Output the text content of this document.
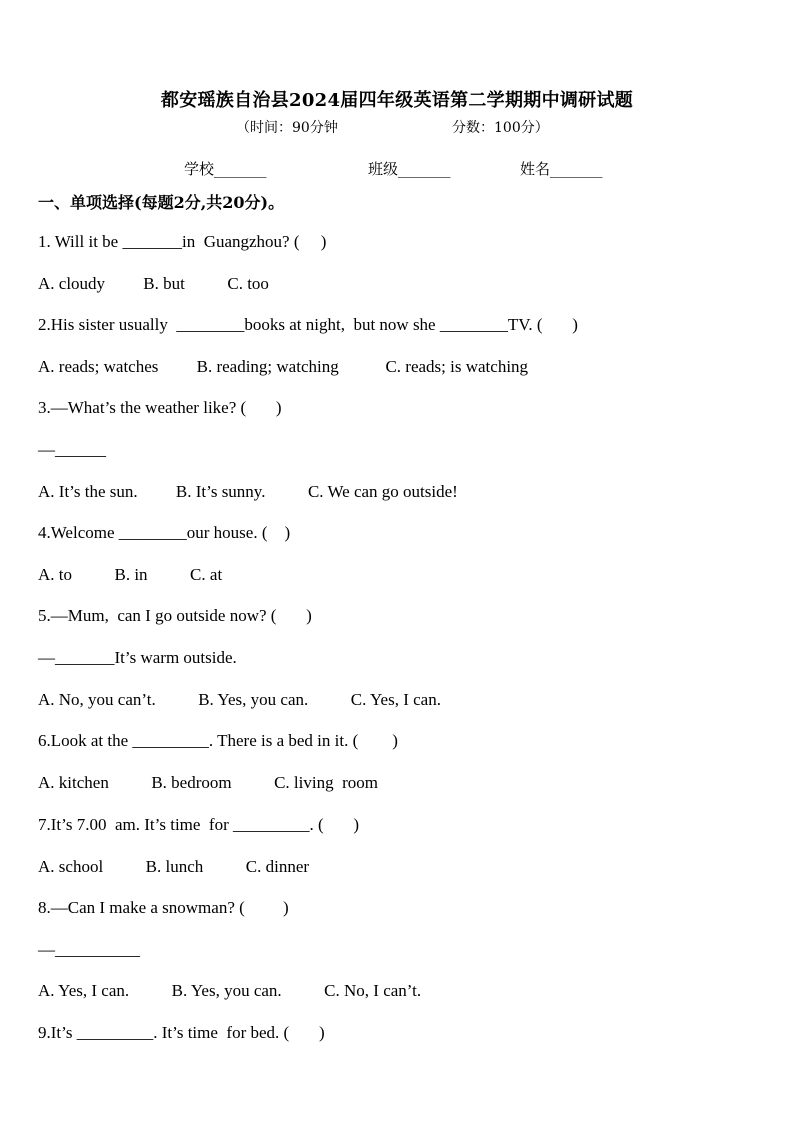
都安瑶族自治县2024届四年级英语第二学期期中调研试题
（时间：90分钟	分数：100分）
学校_______	班级_______	姓名_______
一、单项选择(每题2分,共20分)。
1. Will it be _______in  Guangzhou? (     )
A. cloudy         B. but          C. too
2.His sister usually  ________books at night,  but now she ________TV. (       )
A. reads; watches         B. reading; watching           C. reads; is watching
3.—What’s the weather like? (       )
—______
A. It’s the sun.         B. It’s sunny.          C. We can go outside!
4.Welcome ________our house. (    )
A. to          B. in          C. at
5.—Mum,  can I go outside now? (       )
—_______It’s warm outside.
A. No, you can’t.          B. Yes, you can.          C. Yes, I can.
6.Look at the _________. There is a bed in it. (        )
A. kitchen          B. bedroom          C. living  room
7.It’s 7.00  am. It’s time  for _________. (       )
A. school          B. lunch          C. dinner
8.—Can I make a snowman? (         )
—__________
A. Yes, I can.          B. Yes, you can.          C. No, I can’t.
9.It’s _________. It’s time  for bed. (       )
